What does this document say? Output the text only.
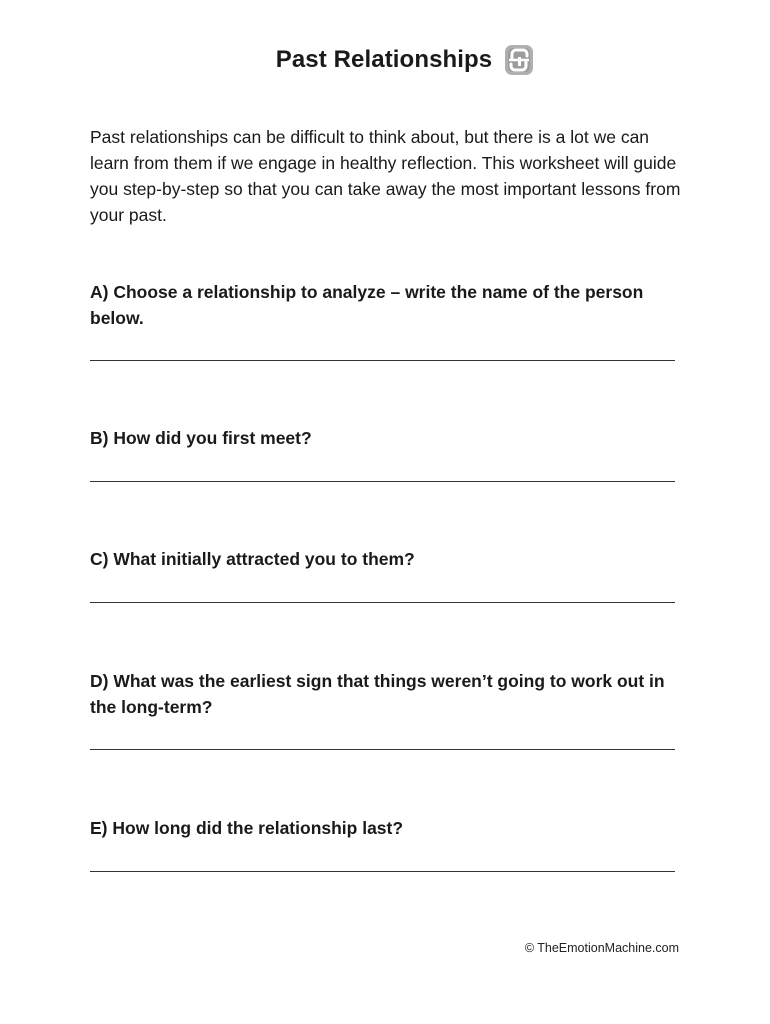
Past Relationships

Past relationships can be difficult to think about, but there is a lot we can learn from them if we engage in healthy reflection. This worksheet will guide you step-by-step so that you can take away the most important lessons from your past.

A) Choose a relationship to analyze – write the name of the person below.

B) How did you first meet?

C) What initially attracted you to them?

D) What was the earliest sign that things weren’t going to work out in the long-term?

E) How long did the relationship last?

© TheEmotionMachine.com
